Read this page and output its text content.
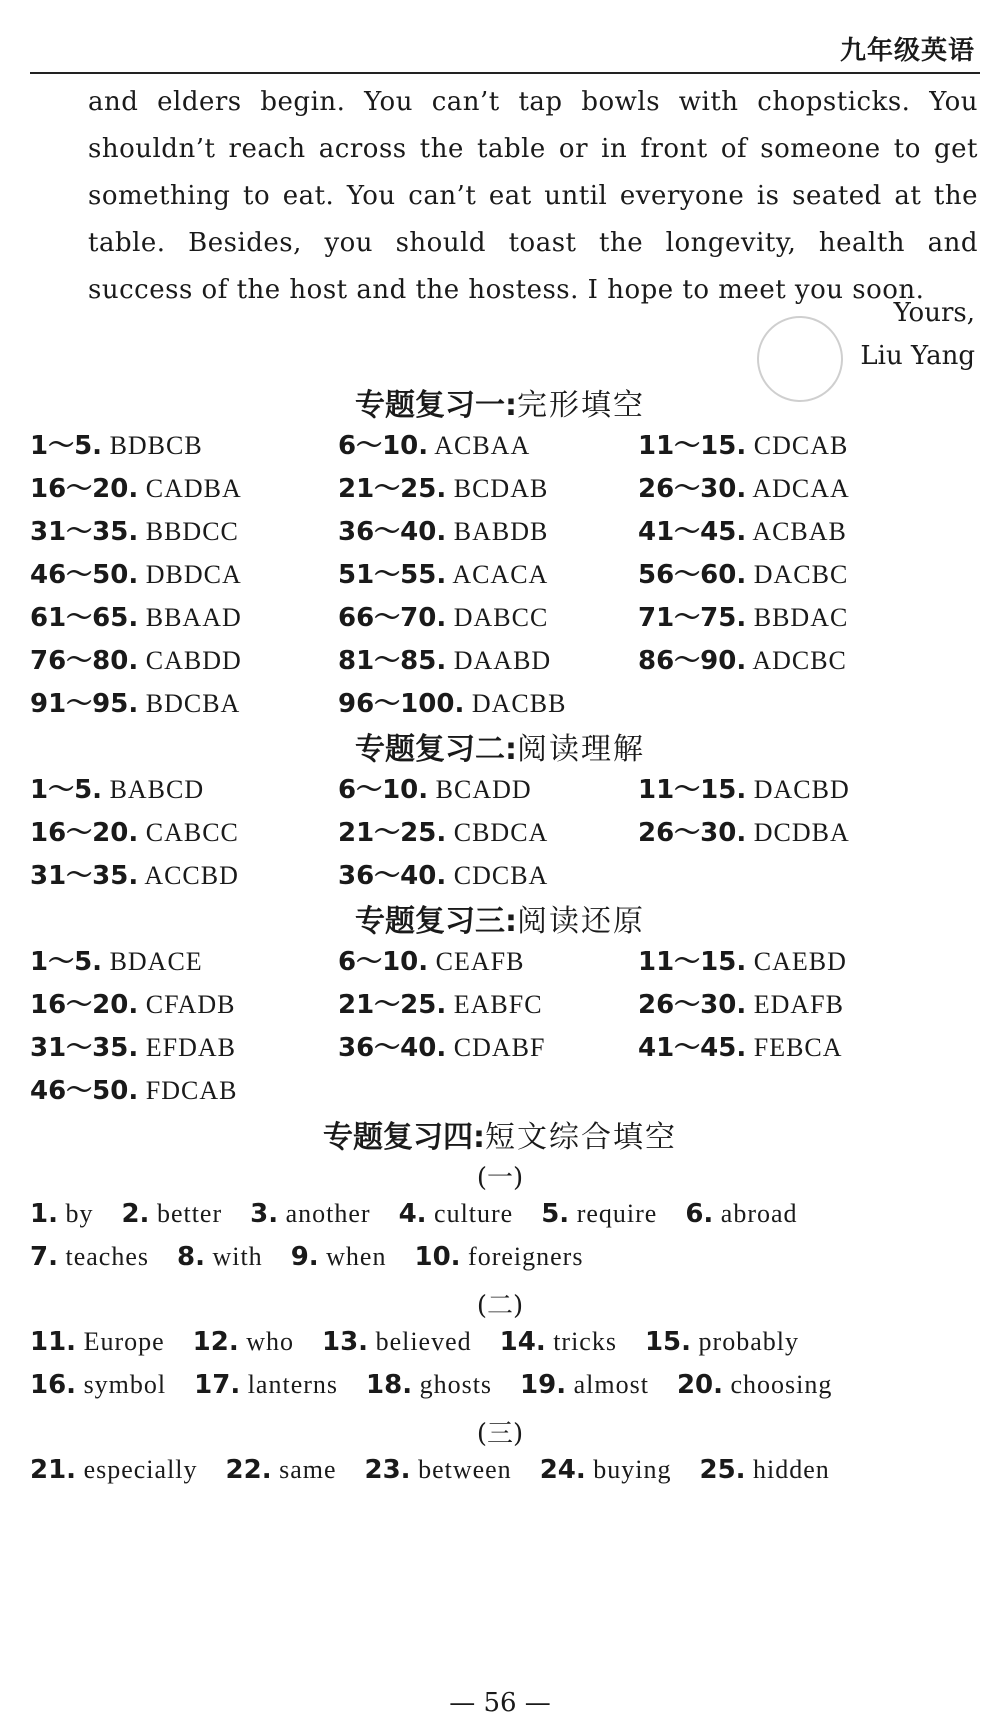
九年级英语
and elders begin. You can’t tap bowls with chopsticks. You
shouldn’t reach across the table or in front of someone to get
something to eat. You can’t eat until everyone is seated at the
table. Besides, you should toast the longevity, health and
success of the host and the hostess. I hope to meet you soon.
Yours,
Liu Yang
专题复习一:完形填空
1～5. BDBCB	6～10. ACBAA	11～15. CDCAB
16～20. CADBA	21～25. BCDAB	26～30. ADCAA
31～35. BBDCC	36～40. BABDB	41～45. ACBAB
46～50. DBDCA	51～55. ACACA	56～60. DACBC
61～65. BBAAD	66～70. DABCC	71～75. BBDAC
76～80. CABDD	81～85. DAABD	86～90. ADCBC
91～95. BDCBA	96～100. DACBB
专题复习二:阅读理解
1～5. BABCD	6～10. BCADD	11～15. DACBD
16～20. CABCC	21～25. CBDCA	26～30. DCDBA
31～35. ACCBD	36～40. CDCBA
专题复习三:阅读还原
1～5. BDACE	6～10. CEAFB	11～15. CAEBD
16～20. CFADB	21～25. EABFC	26～30. EDAFB
31～35. EFDAB	36～40. CDABF	41～45. FEBCA
46～50. FDCAB
专题复习四:短文综合填空
(一)
1. by 2. better 3. another 4. culture 5. require 6. abroad
7. teaches 8. with 9. when 10. foreigners
(二)
11. Europe 12. who 13. believed 14. tricks 15. probably
16. symbol 17. lanterns 18. ghosts 19. almost 20. choosing
(三)
21. especially 22. same 23. between 24. buying 25. hidden
— 56 —
